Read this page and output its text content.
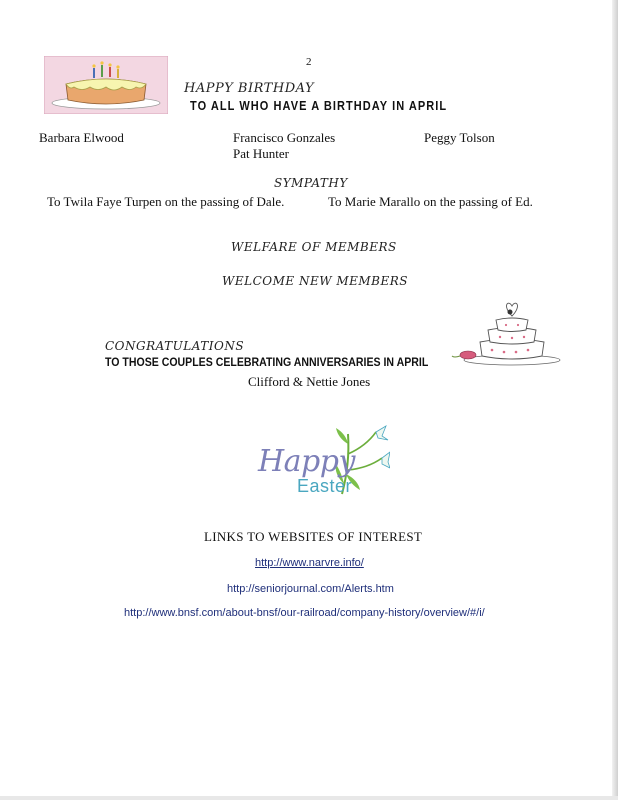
2
HAPPY BIRTHDAY
TO ALL WHO HAVE A BIRTHDAY IN APRIL
Barbara Elwood	Francisco Gonzales
Pat Hunter
Peggy Tolson
SYMPATHY
To Twila Faye Turpen on the passing of Dale.	To Marie Marallo on the passing of Ed.
WELFARE OF MEMBERS
WELCOME NEW MEMBERS
CONGRATULATIONS
TO THOSE COUPLES CELEBRATING ANNIVERSARIES IN APRIL
Clifford & Nettie Jones
Happy
Easter
LINKS TO WEBSITES OF INTEREST
http://www.narvre.info/
http://seniorjournal.com/Alerts.htm
http://www.bnsf.com/about-bnsf/our-railroad/company-history/overview/#/i/
